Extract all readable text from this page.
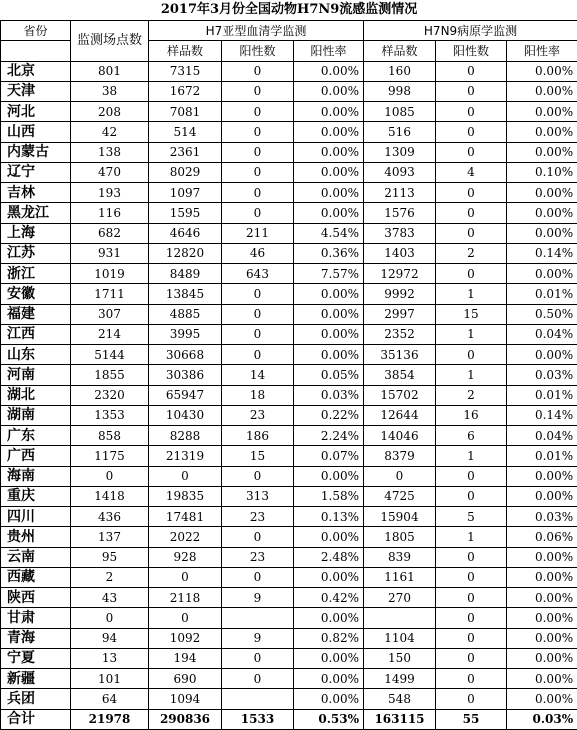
2017年3月份全国动物H7N9流感监测情况							
省份	监测场点数	H7亚型血清学监测			H7N9病原学监测		
		样品数	阳性数	阳性率	样品数	阳性数	阳性率
北京	801	7315	0	0.00%	160	0	0.00%
天津	38	1672	0	0.00%	998	0	0.00%
河北	208	7081	0	0.00%	1085	0	0.00%
山西	42	514	0	0.00%	516	0	0.00%
内蒙古	138	2361	0	0.00%	1309	0	0.00%
辽宁	470	8029	0	0.00%	4093	4	0.10%
吉林	193	1097	0	0.00%	2113	0	0.00%
黑龙江	116	1595	0	0.00%	1576	0	0.00%
上海	682	4646	211	4.54%	3783	0	0.00%
江苏	931	12820	46	0.36%	1403	2	0.14%
浙江	1019	8489	643	7.57%	12972	0	0.00%
安徽	1711	13845	0	0.00%	9992	1	0.01%
福建	307	4885	0	0.00%	2997	15	0.50%
江西	214	3995	0	0.00%	2352	1	0.04%
山东	5144	30668	0	0.00%	35136	0	0.00%
河南	1855	30386	14	0.05%	3854	1	0.03%
湖北	2320	65947	18	0.03%	15702	2	0.01%
湖南	1353	10430	23	0.22%	12644	16	0.14%
广东	858	8288	186	2.24%	14046	6	0.04%
广西	1175	21319	15	0.07%	8379	1	0.01%
海南	0	0	0	0.00%	0	0	0.00%
重庆	1418	19835	313	1.58%	4725	0	0.00%
四川	436	17481	23	0.13%	15904	5	0.03%
贵州	137	2022	0	0.00%	1805	1	0.06%
云南	95	928	23	2.48%	839	0	0.00%
西藏	2	0	0	0.00%	1161	0	0.00%
陕西	43	2118	9	0.42%	270	0	0.00%
甘肃	0	0		0.00%		0	0.00%
青海	94	1092	9	0.82%	1104	0	0.00%
宁夏	13	194	0	0.00%	150	0	0.00%
新疆	101	690	0	0.00%	1499	0	0.00%
兵团	64	1094		0.00%	548	0	0.00%
合计	21978	290836	1533	0.53%	163115	55	0.03%
